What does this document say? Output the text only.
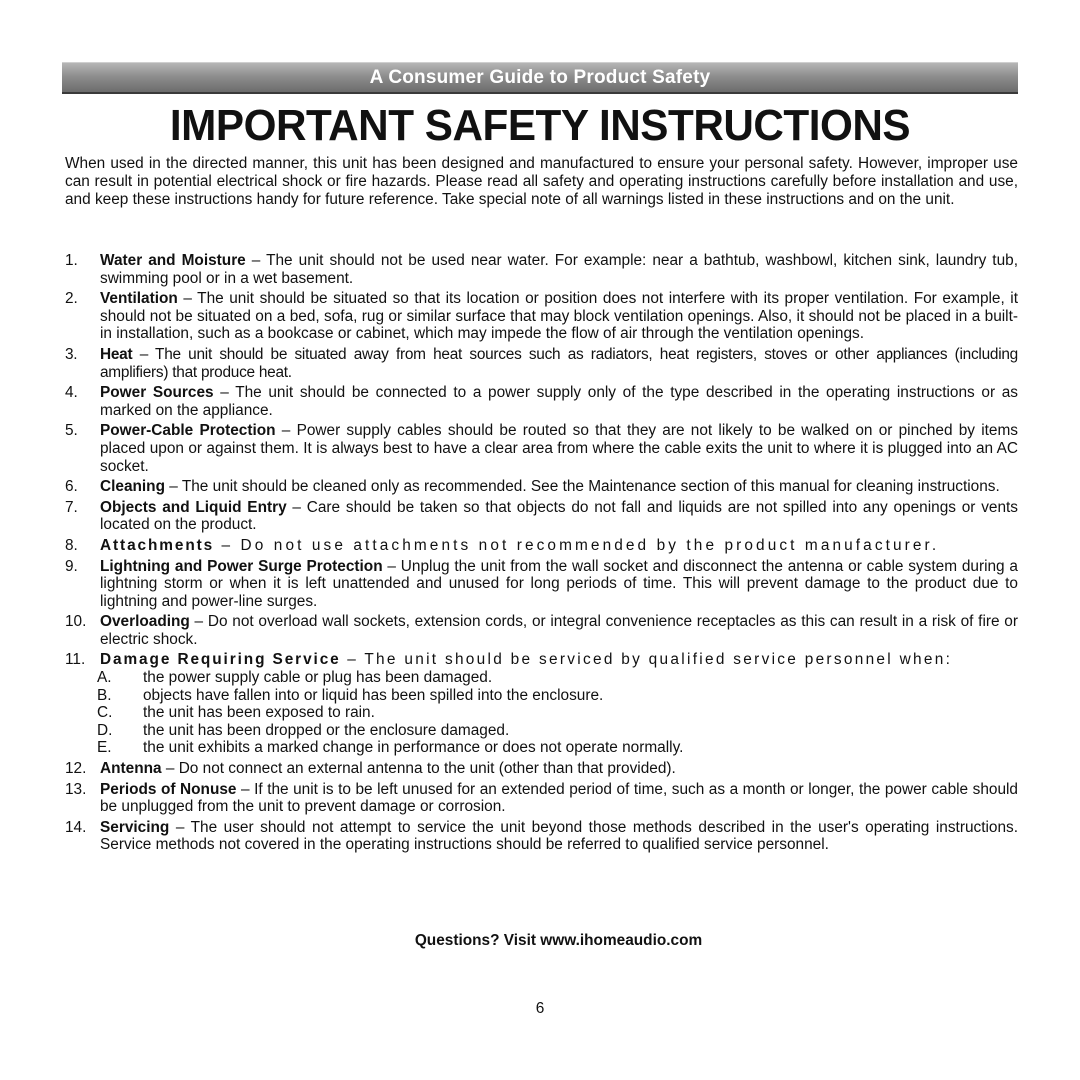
A Consumer Guide to Product Safety
IMPORTANT SAFETY INSTRUCTIONS

When used in the directed manner, this unit has been designed and manufactured to ensure your personal safety. However, improper use can result in potential electrical shock or fire hazards. Please read all safety and operating instructions carefully before installation and use, and keep these instructions handy for future reference. Take special note of all warnings listed in these instructions and on the unit.

1. Water and Moisture – The unit should not be used near water. For example: near a bathtub, washbowl, kitchen sink, laundry tub, swimming pool or in a wet basement.
2. Ventilation – The unit should be situated so that its location or position does not interfere with its proper ventilation. For example, it should not be situated on a bed, sofa, rug or similar surface that may block ventilation openings. Also, it should not be placed in a built-in installation, such as a bookcase or cabinet, which may impede the flow of air through the ventilation openings.
3. Heat – The unit should be situated away from heat sources such as radiators, heat registers, stoves or other appliances (including amplifiers) that produce heat.
4. Power Sources – The unit should be connected to a power supply only of the type described in the operating instructions or as marked on the appliance.
5. Power-Cable Protection – Power supply cables should be routed so that they are not likely to be walked on or pinched by items placed upon or against them. It is always best to have a clear area from where the cable exits the unit to where it is plugged into an AC socket.
6. Cleaning – The unit should be cleaned only as recommended. See the Maintenance section of this manual for cleaning instructions.
7. Objects and Liquid Entry – Care should be taken so that objects do not fall and liquids are not spilled into any openings or vents located on the product.
8. Attachments – Do not use attachments not recommended by the product manufacturer.
9. Lightning and Power Surge Protection – Unplug the unit from the wall socket and disconnect the antenna or cable system during a lightning storm or when it is left unattended and unused for long periods of time. This will prevent damage to the product due to lightning and power-line surges.
10. Overloading – Do not overload wall sockets, extension cords, or integral convenience receptacles as this can result in a risk of fire or electric shock.
11. Damage Requiring Service – The unit should be serviced by qualified service personnel when:
A. the power supply cable or plug has been damaged.
B. objects have fallen into or liquid has been spilled into the enclosure.
C. the unit has been exposed to rain.
D. the unit has been dropped or the enclosure damaged.
E. the unit exhibits a marked change in performance or does not operate normally.
12. Antenna – Do not connect an external antenna to the unit (other than that provided).
13. Periods of Nonuse – If the unit is to be left unused for an extended period of time, such as a month or longer, the power cable should be unplugged from the unit to prevent damage or corrosion.
14. Servicing – The user should not attempt to service the unit beyond those methods described in the user's operating instructions. Service methods not covered in the operating instructions should be referred to qualified service personnel.
Questions? Visit www.ihomeaudio.com
6
